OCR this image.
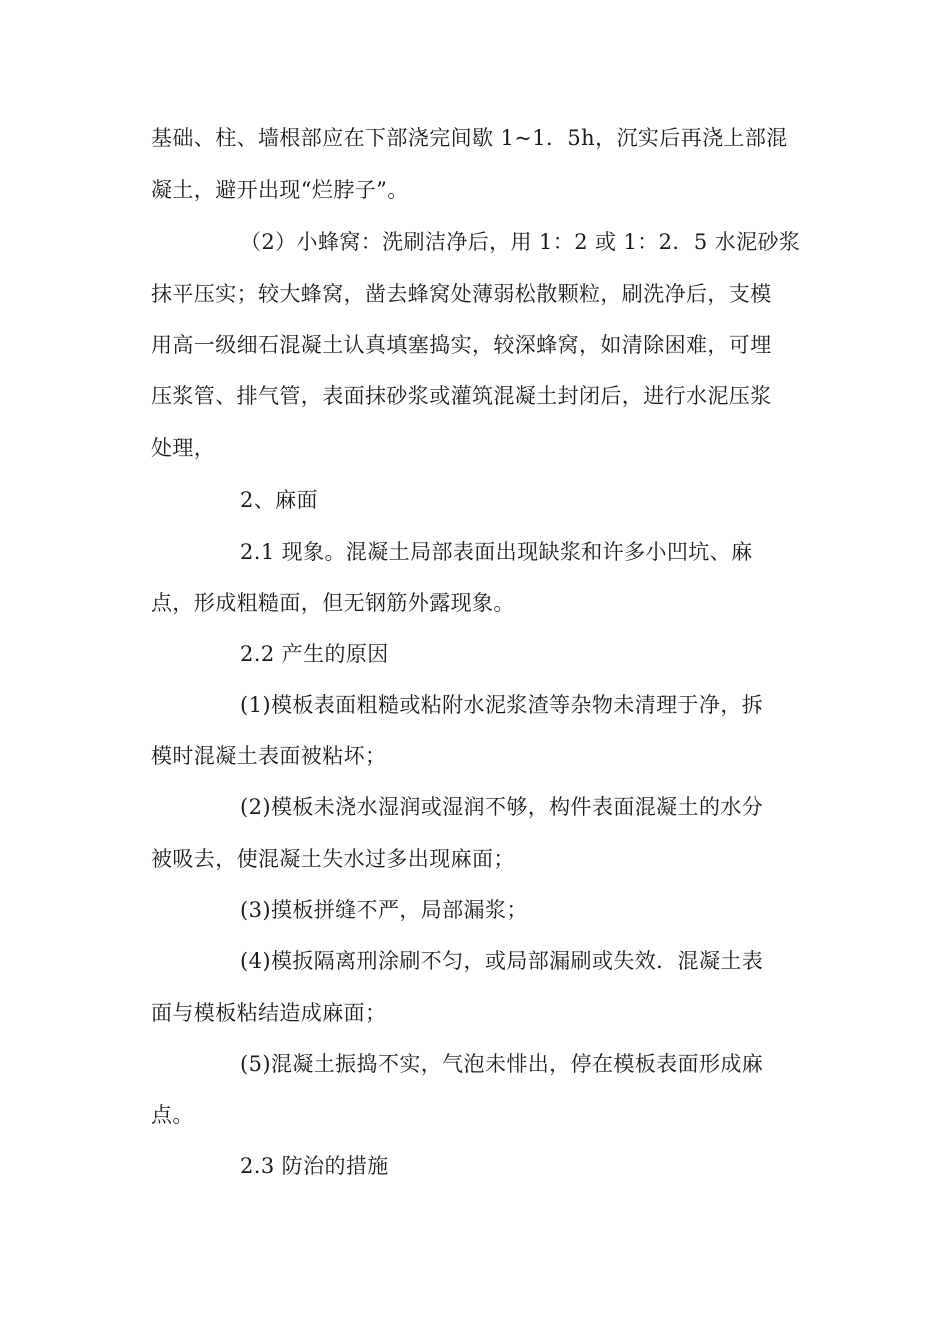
基础、柱、墙根部应在下部浇完间歇 1~1．5h，沉实后再浇上部混

凝土，避开出现“烂脖子”。

（2）小蜂窝：洗刷洁净后，用 1：2 或 1：2．5 水泥砂浆

抹平压实；较大蜂窝，凿去蜂窝处薄弱松散颗粒，刷洗净后，支模

用高一级细石混凝土认真填塞捣实，较深蜂窝，如清除困难，可埋

压浆管、排气管，表面抹砂浆或灌筑混凝土封闭后，进行水泥压浆

处理，

2、麻面

2.1 现象。混凝土局部表面出现缺浆和许多小凹坑、麻

点，形成粗糙面，但无钢筋外露现象。

2.2 产生的原因

(1)模板表面粗糙或粘附水泥浆渣等杂物未清理于净，拆

模时混凝土表面被粘坏；

(2)模板未浇水湿润或湿润不够，构件表面混凝土的水分

被吸去，使混凝土失水过多出现麻面；

(3)摸板拼缝不严，局部漏浆；

(4)模扳隔离刑涂刷不匀，或局部漏刷或失效．混凝土表

面与模板粘结造成麻面；

(5)混凝土振捣不实，气泡未悱出，停在模板表面形成麻

点。

2.3 防治的措施
